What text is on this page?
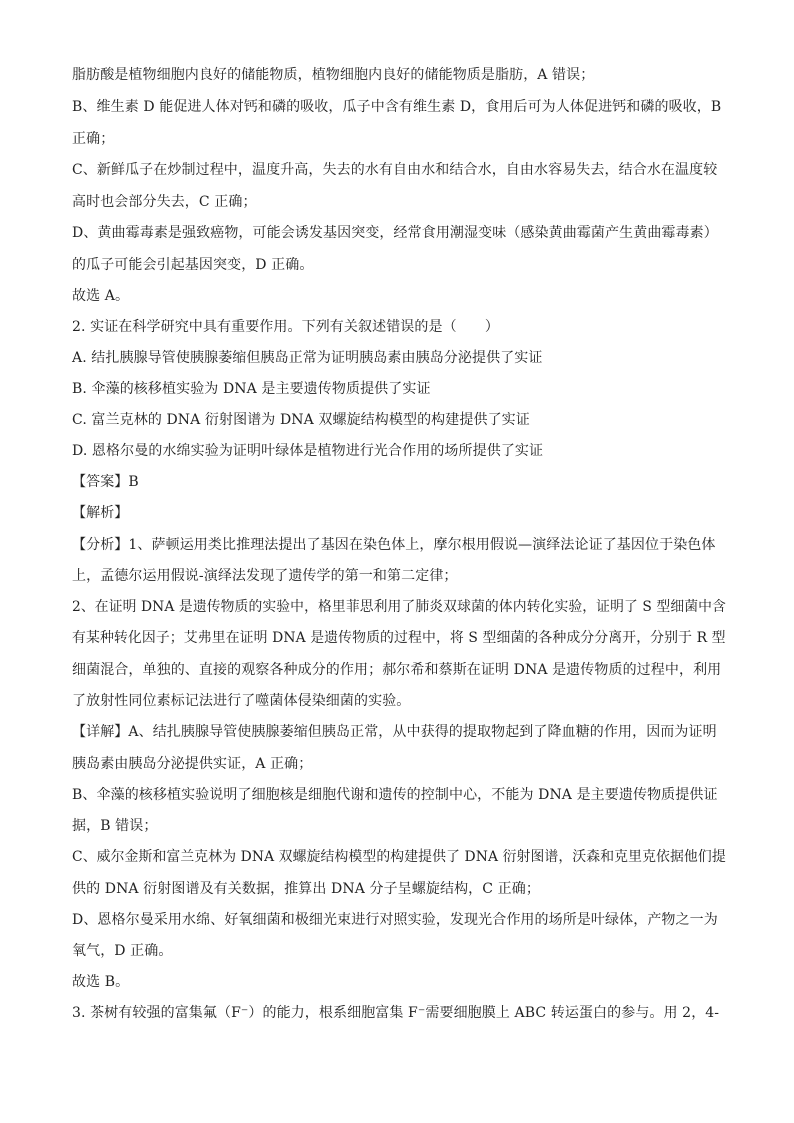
脂肪酸是植物细胞内良好的储能物质，植物细胞内良好的储能物质是脂肪，A 错误；
B、维生素 D 能促进人体对钙和磷的吸收，瓜子中含有维生素 D，食用后可为人体促进钙和磷的吸收，B
正确；
C、新鲜瓜子在炒制过程中，温度升高，失去的水有自由水和结合水，自由水容易失去，结合水在温度较
高时也会部分失去，C 正确；
D、黄曲霉毒素是强致癌物，可能会诱发基因突变，经常食用潮湿变味（感染黄曲霉菌产生黄曲霉毒素）
的瓜子可能会引起基因突变，D 正确。
故选 A。
2. 实证在科学研究中具有重要作用。下列有关叙述错误的是（　　）
A. 结扎胰腺导管使胰腺萎缩但胰岛正常为证明胰岛素由胰岛分泌提供了实证
B. 伞藻的核移植实验为 DNA 是主要遗传物质提供了实证
C. 富兰克林的 DNA 衍射图谱为 DNA 双螺旋结构模型的构建提供了实证
D. 恩格尔曼的水绵实验为证明叶绿体是植物进行光合作用的场所提供了实证
【答案】B
【解析】
【分析】1、萨顿运用类比推理法提出了基因在染色体上，摩尔根用假说—演绎法论证了基因位于染色体
上，孟德尔运用假说-演绎法发现了遗传学的第一和第二定律；
2、在证明 DNA 是遗传物质的实验中，格里菲思利用了肺炎双球菌的体内转化实验，证明了 S 型细菌中含
有某种转化因子；艾弗里在证明 DNA 是遗传物质的过程中，将 S 型细菌的各种成分分离开，分别于 R 型
细菌混合，单独的、直接的观察各种成分的作用；郝尔希和蔡斯在证明 DNA 是遗传物质的过程中，利用
了放射性同位素标记法进行了噬菌体侵染细菌的实验。
【详解】A、结扎胰腺导管使胰腺萎缩但胰岛正常，从中获得的提取物起到了降血糖的作用，因而为证明
胰岛素由胰岛分泌提供实证，A 正确；
B、伞藻的核移植实验说明了细胞核是细胞代谢和遗传的控制中心，不能为 DNA 是主要遗传物质提供证
据，B 错误；
C、威尔金斯和富兰克林为 DNA 双螺旋结构模型的构建提供了 DNA 衍射图谱，沃森和克里克依据他们提
供的 DNA 衍射图谱及有关数据，推算出 DNA 分子呈螺旋结构，C 正确；
D、恩格尔曼采用水绵、好氧细菌和极细光束进行对照实验，发现光合作用的场所是叶绿体，产物之一为
氧气，D 正确。
故选 B。
3. 茶树有较强的富集氟（F⁻）的能力，根系细胞富集 F⁻需要细胞膜上 ABC 转运蛋白的参与。用 2，4-
